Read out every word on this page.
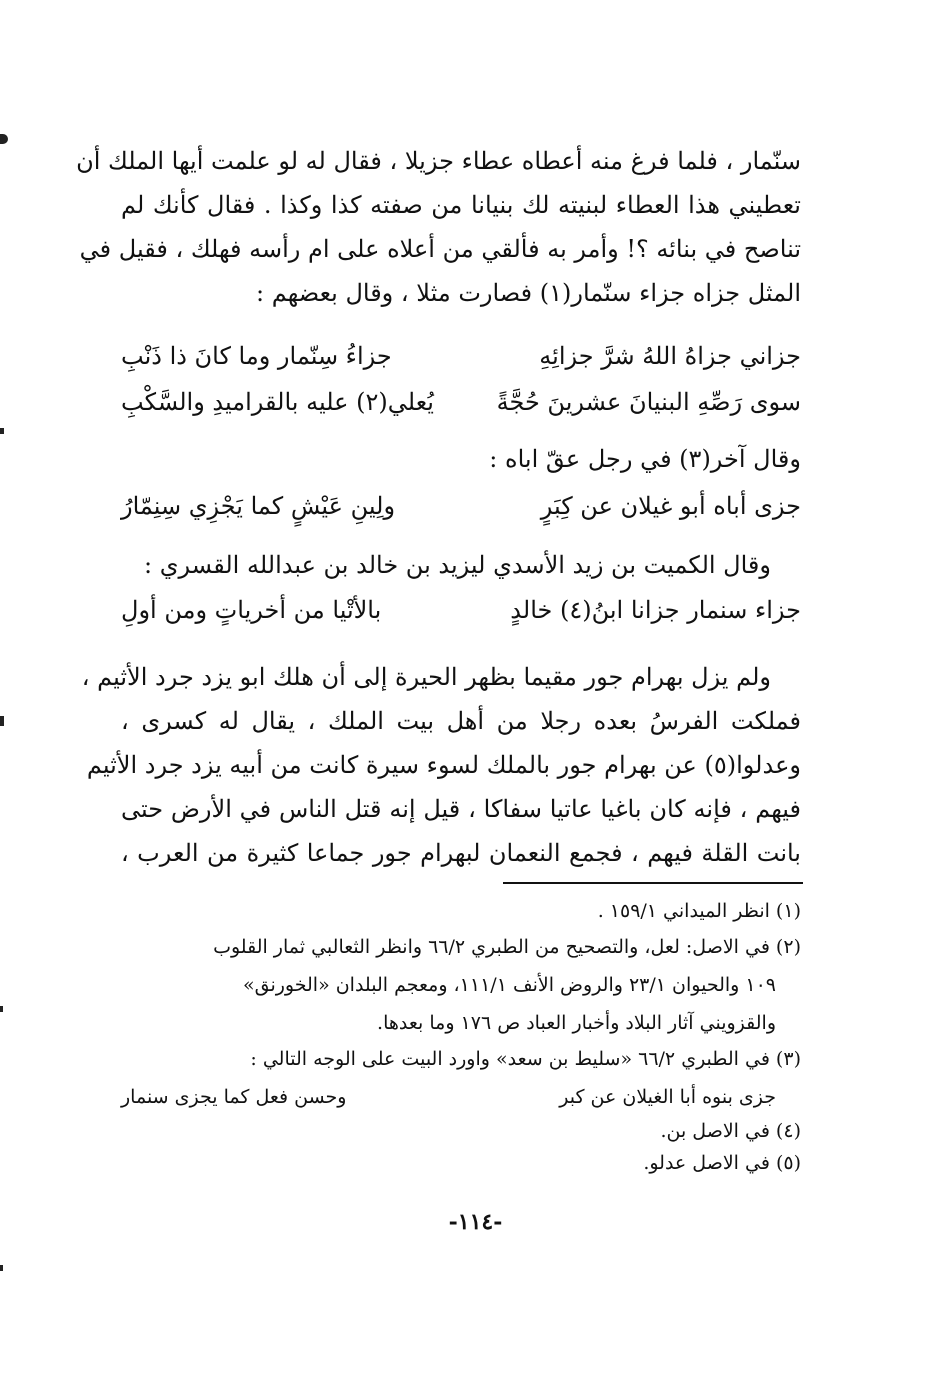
سنّمار ، فلما فرغ منه أعطاه عطاء جزيلا ، فقال له لو علمت أيها الملك أن
تعطيني هذا العطاء لبنيته لك بنيانا من صفته كذا وكذا . فقال كأنك لم
تناصح في بنائه ؟! وأمر به فألقي من أعلاه على ام رأسه فهلك ، فقيل في
المثل جزاه جزاء سنّمار(١) فصارت مثلا ، وقال بعضهم :
جزاني جزاهُ اللهُ شرَّ جزائِهِ
جزاءُ سِنّمار وما كانَ ذا ذَنْبِ
سوى رَصِّهِ البنيانَ عشرينَ حُجَّةً
يُعلي(٢) عليه بالقراميدِ والسَّكْبِ
وقال آخر(٣) في رجل عقّ اباه :
جزى أباه أبو غيلان عن كِبَرٍ
ولِينِ عَيْشٍ كما يَجْزِي سِنِمّارُ
وقال الكميت بن زيد الأسدي ليزيد بن خالد بن عبدالله القسري :
جزاء سنمار جزانا ابنُ(٤) خالدٍ
بالأتْيا من أخرياتٍ ومن أولِ
ولم يزل بهرام جور مقيما بظهر الحيرة إلى أن هلك ابو يزد جرد الأثيم ،
فملكت الفرسُ بعده رجلا من أهل بيت الملك ، يقال له كسرى ،
وعدلوا(٥) عن بهرام جور بالملك لسوء سيرة كانت من أبيه يزد جرد الأثيم
فيهم ، فإنه كان باغيا عاتيا سفاكا ، قيل إنه قتل الناس في الأرض حتى
بانت القلة فيهم ، فجمع النعمان لبهرام جور جماعا كثيرة من العرب ،
(١) انظر الميداني ١٥٩/١ .
(٢) في الاصل: لعل، والتصحيح من الطبري ٦٦/٢ وانظر الثعالبي ثمار القلوب
١٠٩ والحيوان ٢٣/١ والروض الأنف ١١١/١، ومعجم البلدان «الخورنق»
والقزويني آثار البلاد وأخبار العباد ص ١٧٦ وما بعدها.
(٣) في الطبري ٦٦/٢ «سليط بن سعد» واورد البيت على الوجه التالي :
جزى بنوه أبا الغيلان عن كبر
وحسن فعل كما يجزى سنمار
(٤) في الاصل بن.
(٥) في الاصل عدلو.
-١١٤-
